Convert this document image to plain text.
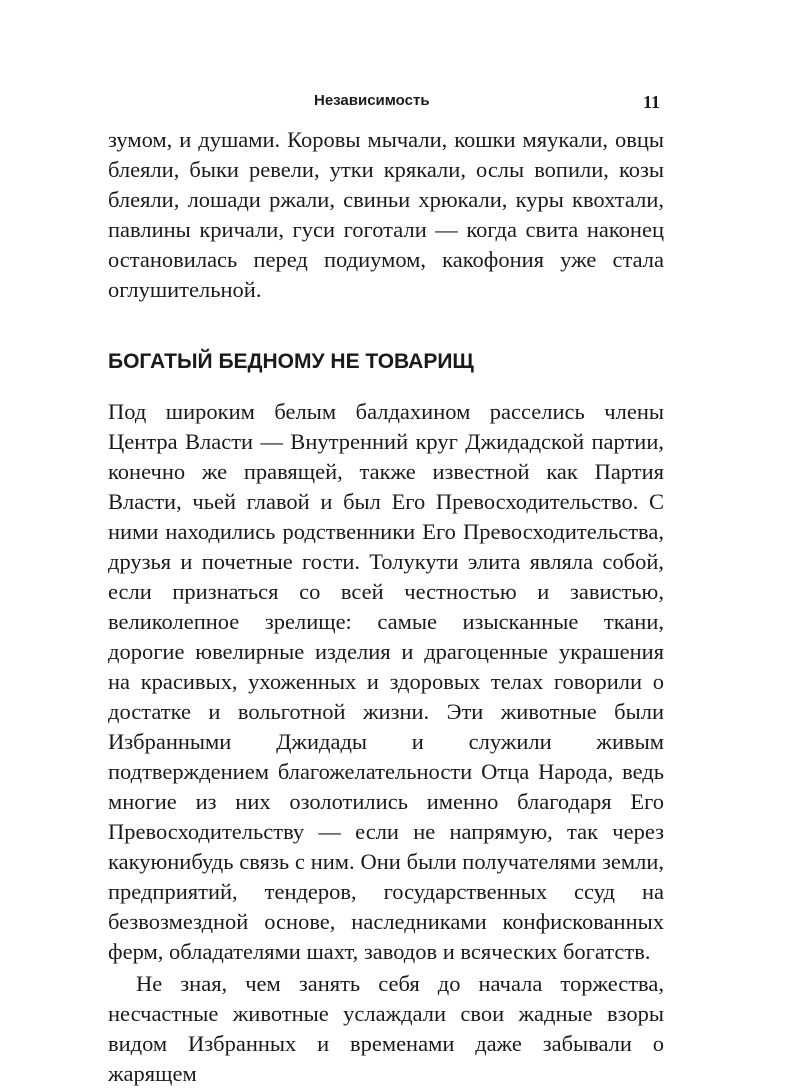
Независимость	11

зумом, и душами. Коровы мычали, кошки мяукали, овцы блеяли, быки ревели, утки крякали, ослы вопили, козы блеяли, лошади ржали, свиньи хрюкали, куры квохтали, павлины кричали, гуси гоготали — когда свита наконец остановилась перед подиумом, какофония уже стала оглушительной.

БОГАТЫЙ БЕДНОМУ НЕ ТОВАРИЩ

Под широким белым балдахином расселись члены Центра Власти — Внутренний круг Джидадской партии, конечно же правящей, также известной как Партия Власти, чьей главой и был Его Превосходительство. С ними находились родственники Его Превосходительства, друзья и почетные гости. Толукути элита являла собой, если признаться со всей честностью и завистью, великолепное зрелище: самые изысканные ткани, дорогие ювелирные изделия и драгоценные украшения на красивых, ухоженных и здоровых телах говорили о достатке и вольготной жизни. Эти животные были Избранными Джидады и служили живым подтверждением благожелательности Отца Народа, ведь многие из них озолотились именно благодаря Его Превосходительству — если не напрямую, так через какуюнибудь связь с ним. Они были получателями земли, предприятий, тендеров, государственных ссуд на безвозмездной основе, наследниками конфискованных ферм, обладателями шахт, заводов и всяческих богатств.

Не зная, чем занять себя до начала торжества, несчастные животные услаждали свои жадные взоры видом Избранных и временами даже забывали о жарящем
